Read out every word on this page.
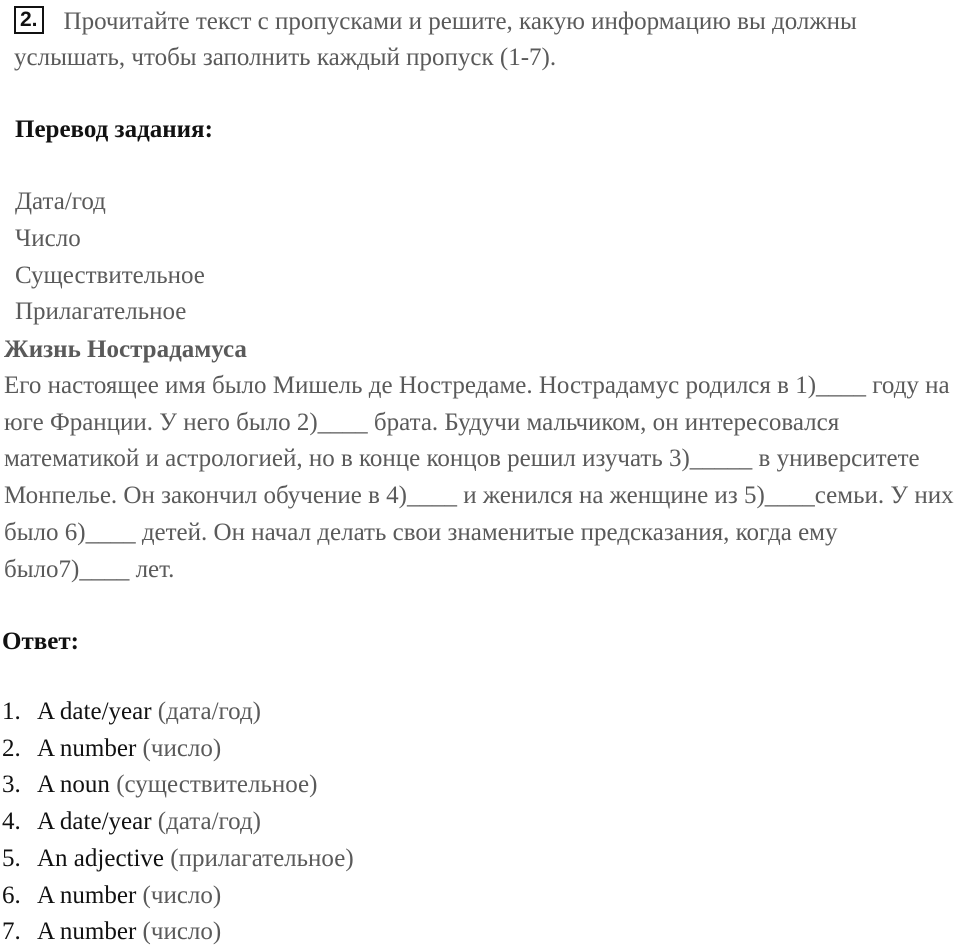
2. Прочитайте текст с пропусками и решите, какую информацию вы должны услышать, чтобы заполнить каждый пропуск (1-7).
Перевод задания:
Дата/год
Число
Существительное
Прилагательное
Жизнь Нострадамуса
Его настоящее имя было Мишель де Ностредаме. Нострадамус родился в 1)____ году на юге Франции. У него было 2)____ брата. Будучи мальчиком, он интересовался математикой и астрологией, но в конце концов решил изучать 3)_____ в университете Монпелье. Он закончил обучение в 4)____ и женился на женщине из 5)____семьи. У них было 6)____ детей. Он начал делать свои знаменитые предсказания, когда ему было7)____ лет.
Ответ:
1. A date/year (дата/год)
2. A number (число)
3. A noun (существительное)
4. A date/year (дата/год)
5. An adjective (прилагательное)
6. A number (число)
7. A number (число)
